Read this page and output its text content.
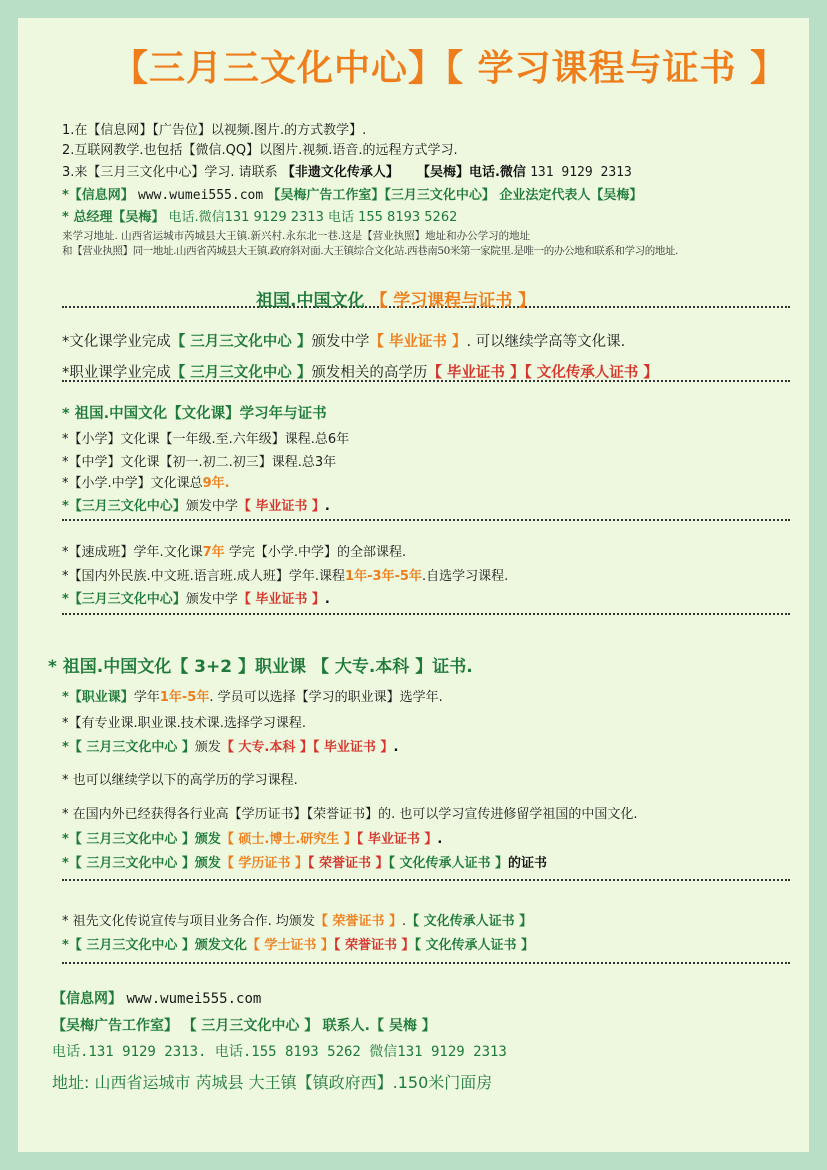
【三月三文化中心】【 学习课程与证书 】
1.在【信息网】【广告位】以视频.图片.的方式教学】.
2.互联网教学.也包括【微信.QQ】以图片.视频.语音.的远程方式学习.
3.来【三月三文化中心】学习. 请联系 【非遗文化传承人】 【吴梅】电话.微信 131 9129 2313
*【信息网】 www.wumei555.com 【吴梅广告工作室】【三月三文化中心】 企业法定代表人【吴梅】
* 总经理【吴梅】 电话.微信131 9129 2313 电话 155 8193 5262
来学习地址. 山西省运城市芮城县大王镇.新兴村.永东北一巷.这是【营业执照】地址和办公学习的地址
和【营业执照】同一地址.山西省芮城县大王镇.政府斜对面.大王镇综合文化站.西巷南50米第一家院里.是唯一的办公地和联系和学习的地址.
祖国.中国文化 【 学习课程与证书 】
*文化课学业完成【 三月三文化中心 】颁发中学【 毕业证书 】. 可以继续学高等文化课.
*职业课学业完成【 三月三文化中心 】颁发相关的高学历【 毕业证书 】【 文化传承人证书 】
* 祖国.中国文化【文化课】学习年与证书
*【小学】文化课【一年级.至.六年级】课程.总6年
*【中学】文化课【初一.初二.初三】课程.总3年
*【小学.中学】文化课总9年.
*【三月三文化中心】颁发中学【 毕业证书 】.
*【速成班】学年.文化课7年 学完【小学.中学】的全部课程.
*【国内外民族.中文班.语言班.成人班】学年.课程1年-3年-5年.自选学习课程.
*【三月三文化中心】颁发中学【 毕业证书 】.
* 祖国.中国文化【 3+2 】职业课 【 大专.本科 】证书.
*【职业课】学年1年-5年. 学员可以选择【学习的职业课】选学年.
*【有专业课.职业课.技术课.选择学习课程.
*【 三月三文化中心 】颁发【 大专.本科 】【 毕业证书 】.
* 也可以继续学以下的高学历的学习课程.
* 在国内外已经获得各行业高【学历证书】【荣誉证书】的. 也可以学习宣传进修留学祖国的中国文化.
*【 三月三文化中心 】颁发【 硕士.博士.研究生 】【 毕业证书 】.
*【 三月三文化中心 】颁发【 学历证书 】【 荣誉证书 】【 文化传承人证书 】的证书
* 祖先文化传说宣传与项目业务合作. 均颁发【 荣誉证书 】.【 文化传承人证书 】
*【 三月三文化中心 】颁发文化【 学士证书 】【 荣誉证书 】【 文化传承人证书 】
【信息网】 www.wumei555.com
【吴梅广告工作室】 【 三月三文化中心 】 联系人.【 吴梅 】
电话.131 9129 2313. 电话.155 8193 5262 微信131 9129 2313
地址: 山西省运城市 芮城县 大王镇【镇政府西】.150米门面房
